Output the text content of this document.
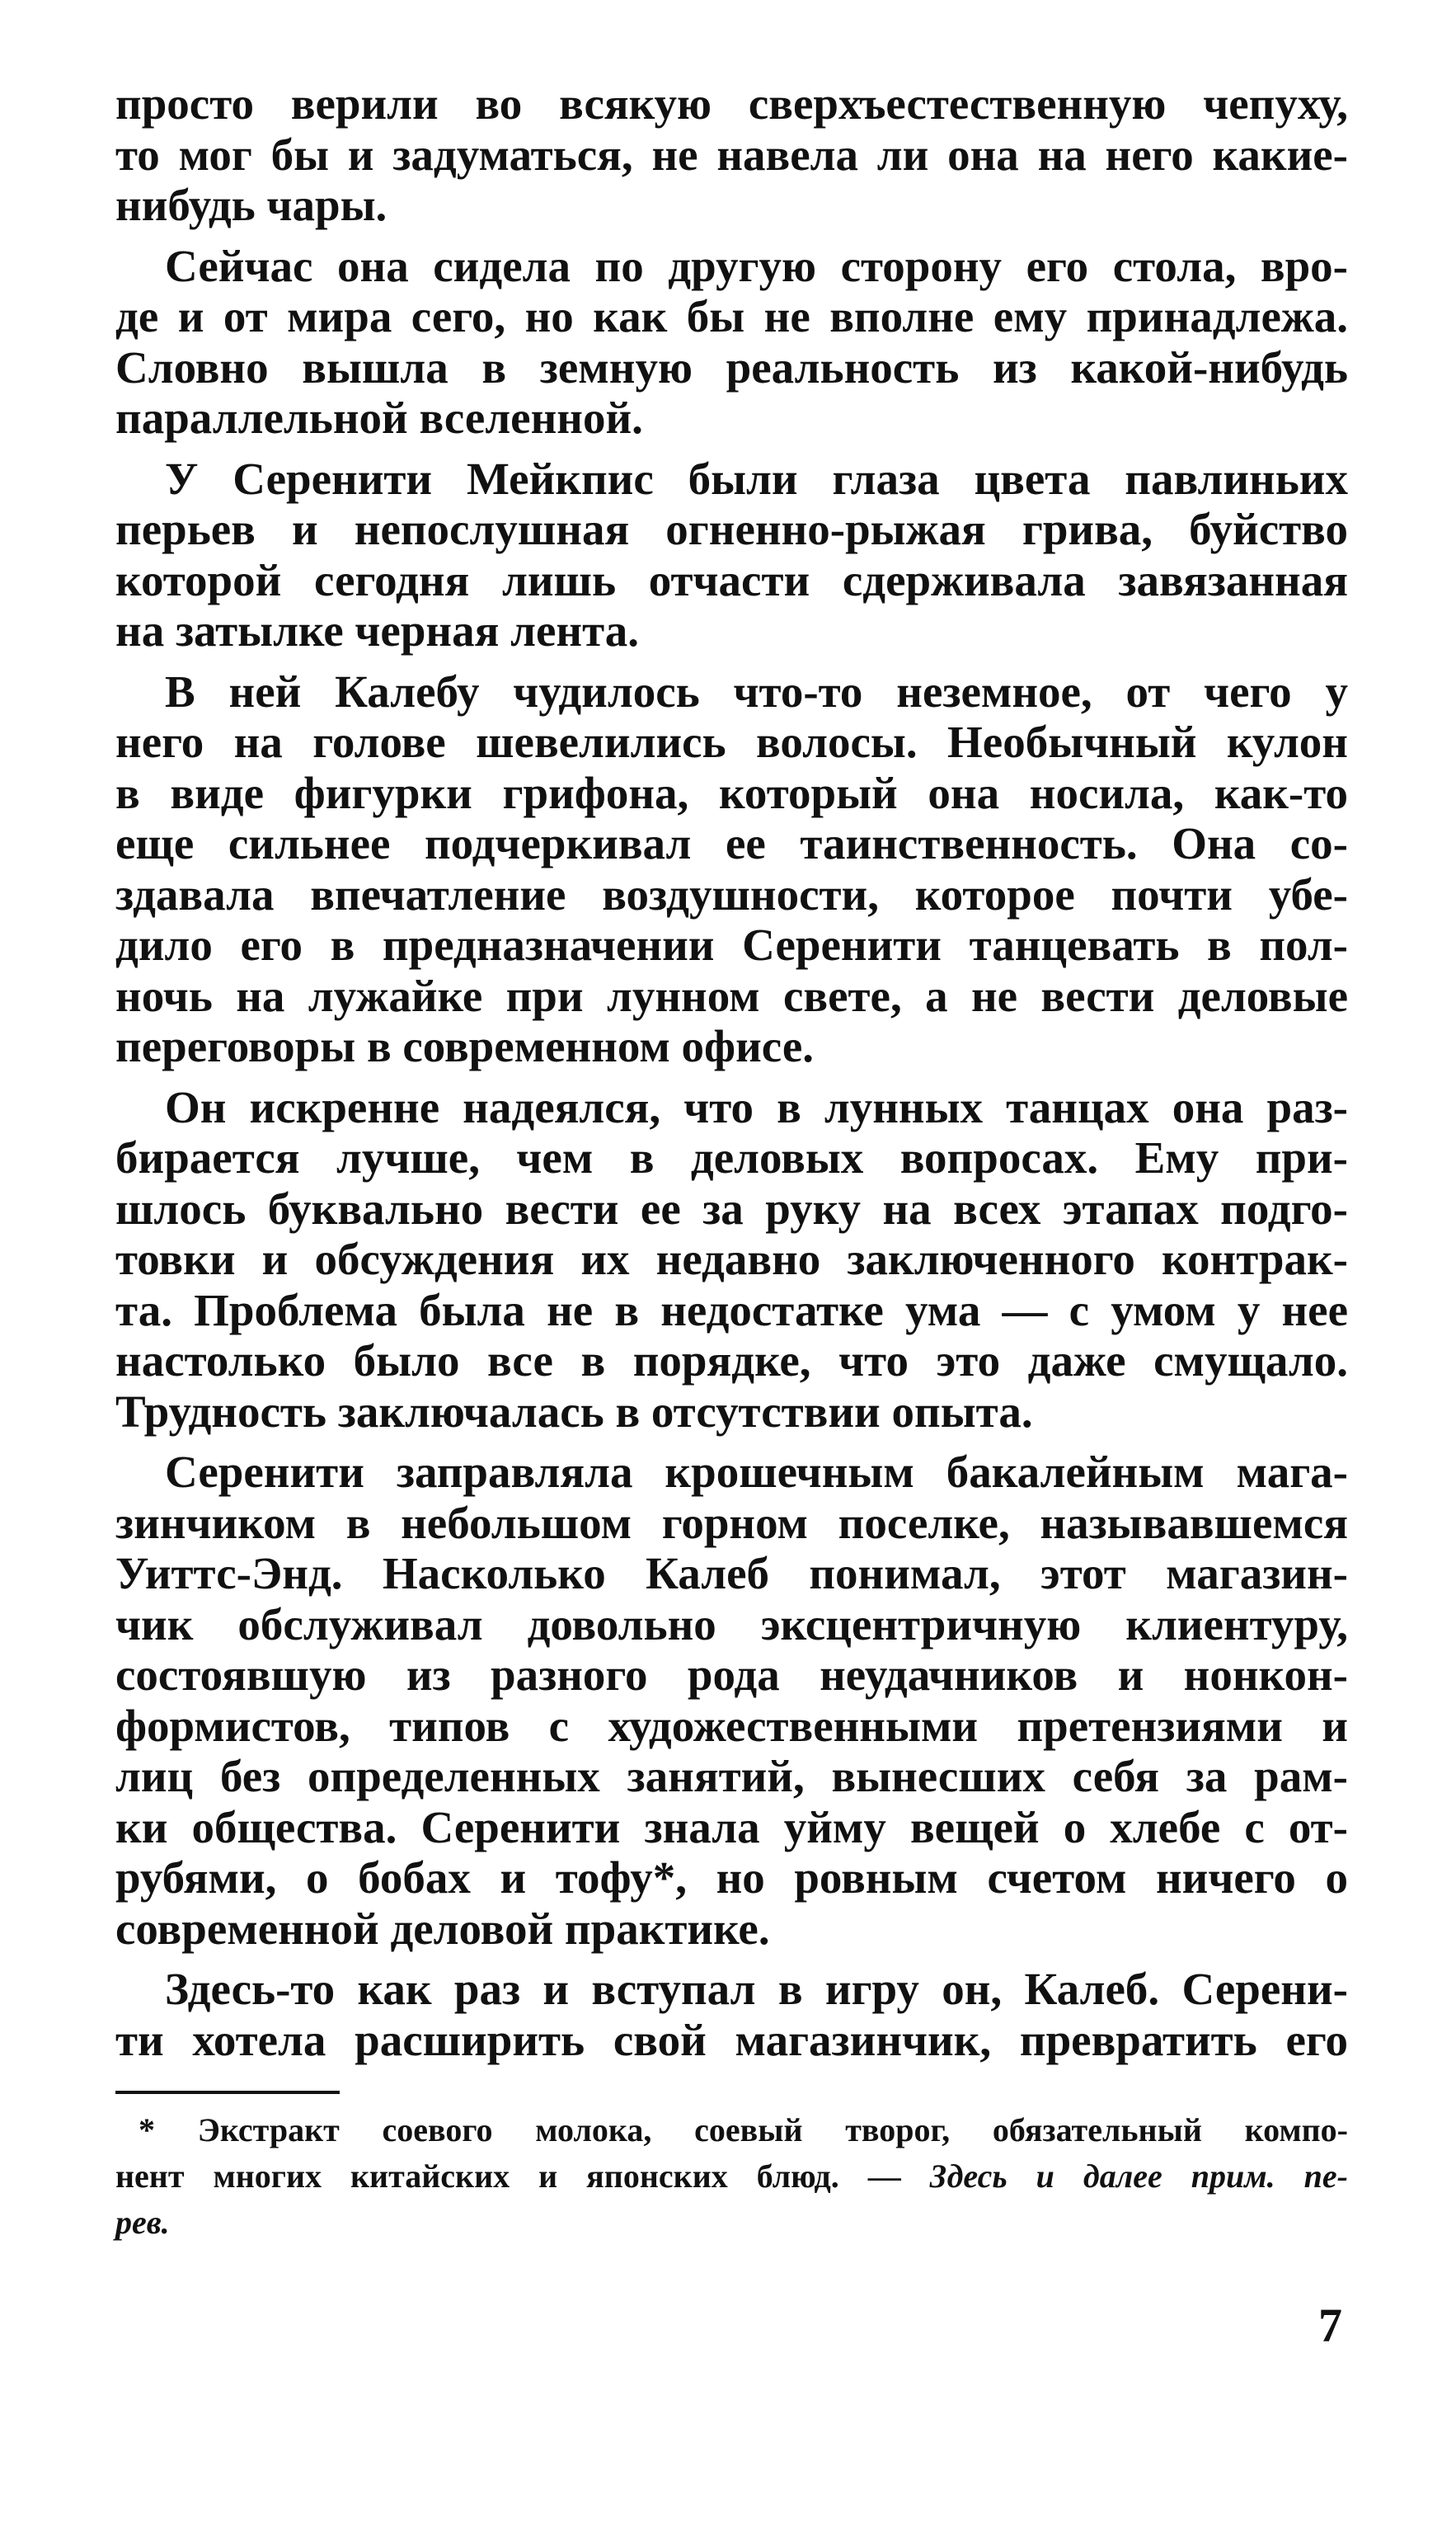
просто верили во всякую сверхъестественную чепуху,
то мог бы и задуматься, не навела ли она на него какие-
нибудь чары.

Сейчас она сидела по другую сторону его стола, вро-
де и от мира сего, но как бы не вполне ему принадлежа.
Словно вышла в земную реальность из какой-нибудь
параллельной вселенной.

У Серенити Мейкпис были глаза цвета павлиньих
перьев и непослушная огненно-рыжая грива, буйство
которой сегодня лишь отчасти сдерживала завязанная
на затылке черная лента.

В ней Калебу чудилось что-то неземное, от чего у
него на голове шевелились волосы. Необычный кулон
в виде фигурки грифона, который она носила, как-то
еще сильнее подчеркивал ее таинственность. Она со-
здавала впечатление воздушности, которое почти убе-
дило его в предназначении Серенити танцевать в пол-
ночь на лужайке при лунном свете, а не вести деловые
переговоры в современном офисе.

Он искренне надеялся, что в лунных танцах она раз-
бирается лучше, чем в деловых вопросах. Ему при-
шлось буквально вести ее за руку на всех этапах подго-
товки и обсуждения их недавно заключенного контрак-
та. Проблема была не в недостатке ума — с умом у нее
настолько было все в порядке, что это даже смущало.
Трудность заключалась в отсутствии опыта.

Серенити заправляла крошечным бакалейным мага-
зинчиком в небольшом горном поселке, называвшемся
Уиттс-Энд. Насколько Калеб понимал, этот магазин-
чик обслуживал довольно эксцентричную клиентуру,
состоявшую из разного рода неудачников и нонкон-
формистов, типов с художественными претензиями и
лиц без определенных занятий, вынесших себя за рам-
ки общества. Серенити знала уйму вещей о хлебе с от-
рубями, о бобах и тофу*, но ровным счетом ничего о
современной деловой практике.

Здесь-то как раз и вступал в игру он, Калеб. Серени-
ти хотела расширить свой магазинчик, превратить его

* Экстракт соевого молока, соевый творог, обязательный компо-
нент многих китайских и японских блюд. — Здесь и далее прим. пе-
рев.
7
